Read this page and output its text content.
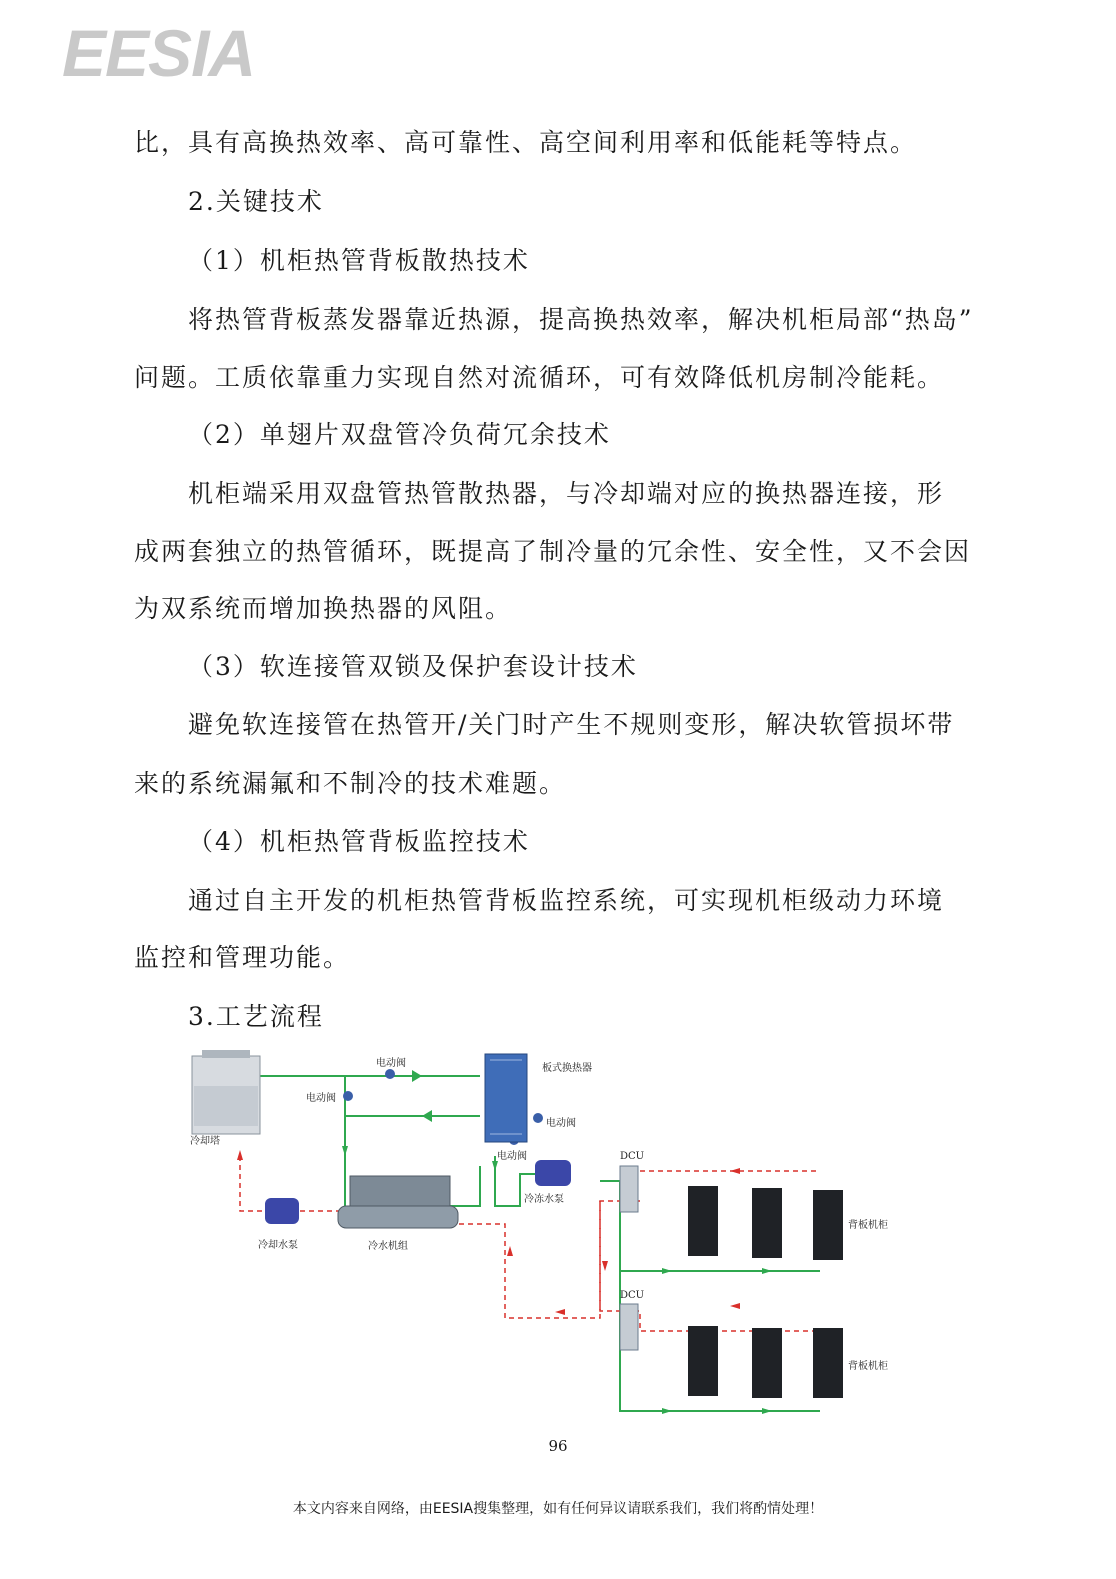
EESIA
比，具有高换热效率、高可靠性、高空间利用率和低能耗等特点。
2.关键技术
（1）机柜热管背板散热技术
将热管背板蒸发器靠近热源，提高换热效率，解决机柜局部“热岛”
问题。工质依靠重力实现自然对流循环，可有效降低机房制冷能耗。
（2）单翅片双盘管冷负荷冗余技术
机柜端采用双盘管热管散热器，与冷却端对应的换热器连接，形
成两套独立的热管循环，既提高了制冷量的冗余性、安全性，又不会因
为双系统而增加换热器的风阻。
（3）软连接管双锁及保护套设计技术
避免软连接管在热管开/关门时产生不规则变形，解决软管损坏带
来的系统漏氟和不制冷的技术难题。
（4）机柜热管背板监控技术
通过自主开发的机柜热管背板监控系统，可实现机柜级动力环境
监控和管理功能。
3.工艺流程
冷却塔
电动阀
电动阀
电动阀
电动阀
板式换热器
冷水机组
冷却水泵
冷冻水泵
DCU
DCU
背板机柜
背板机柜
96
本文内容来自网络，由EESIA搜集整理，如有任何异议请联系我们，我们将酌情处理！
